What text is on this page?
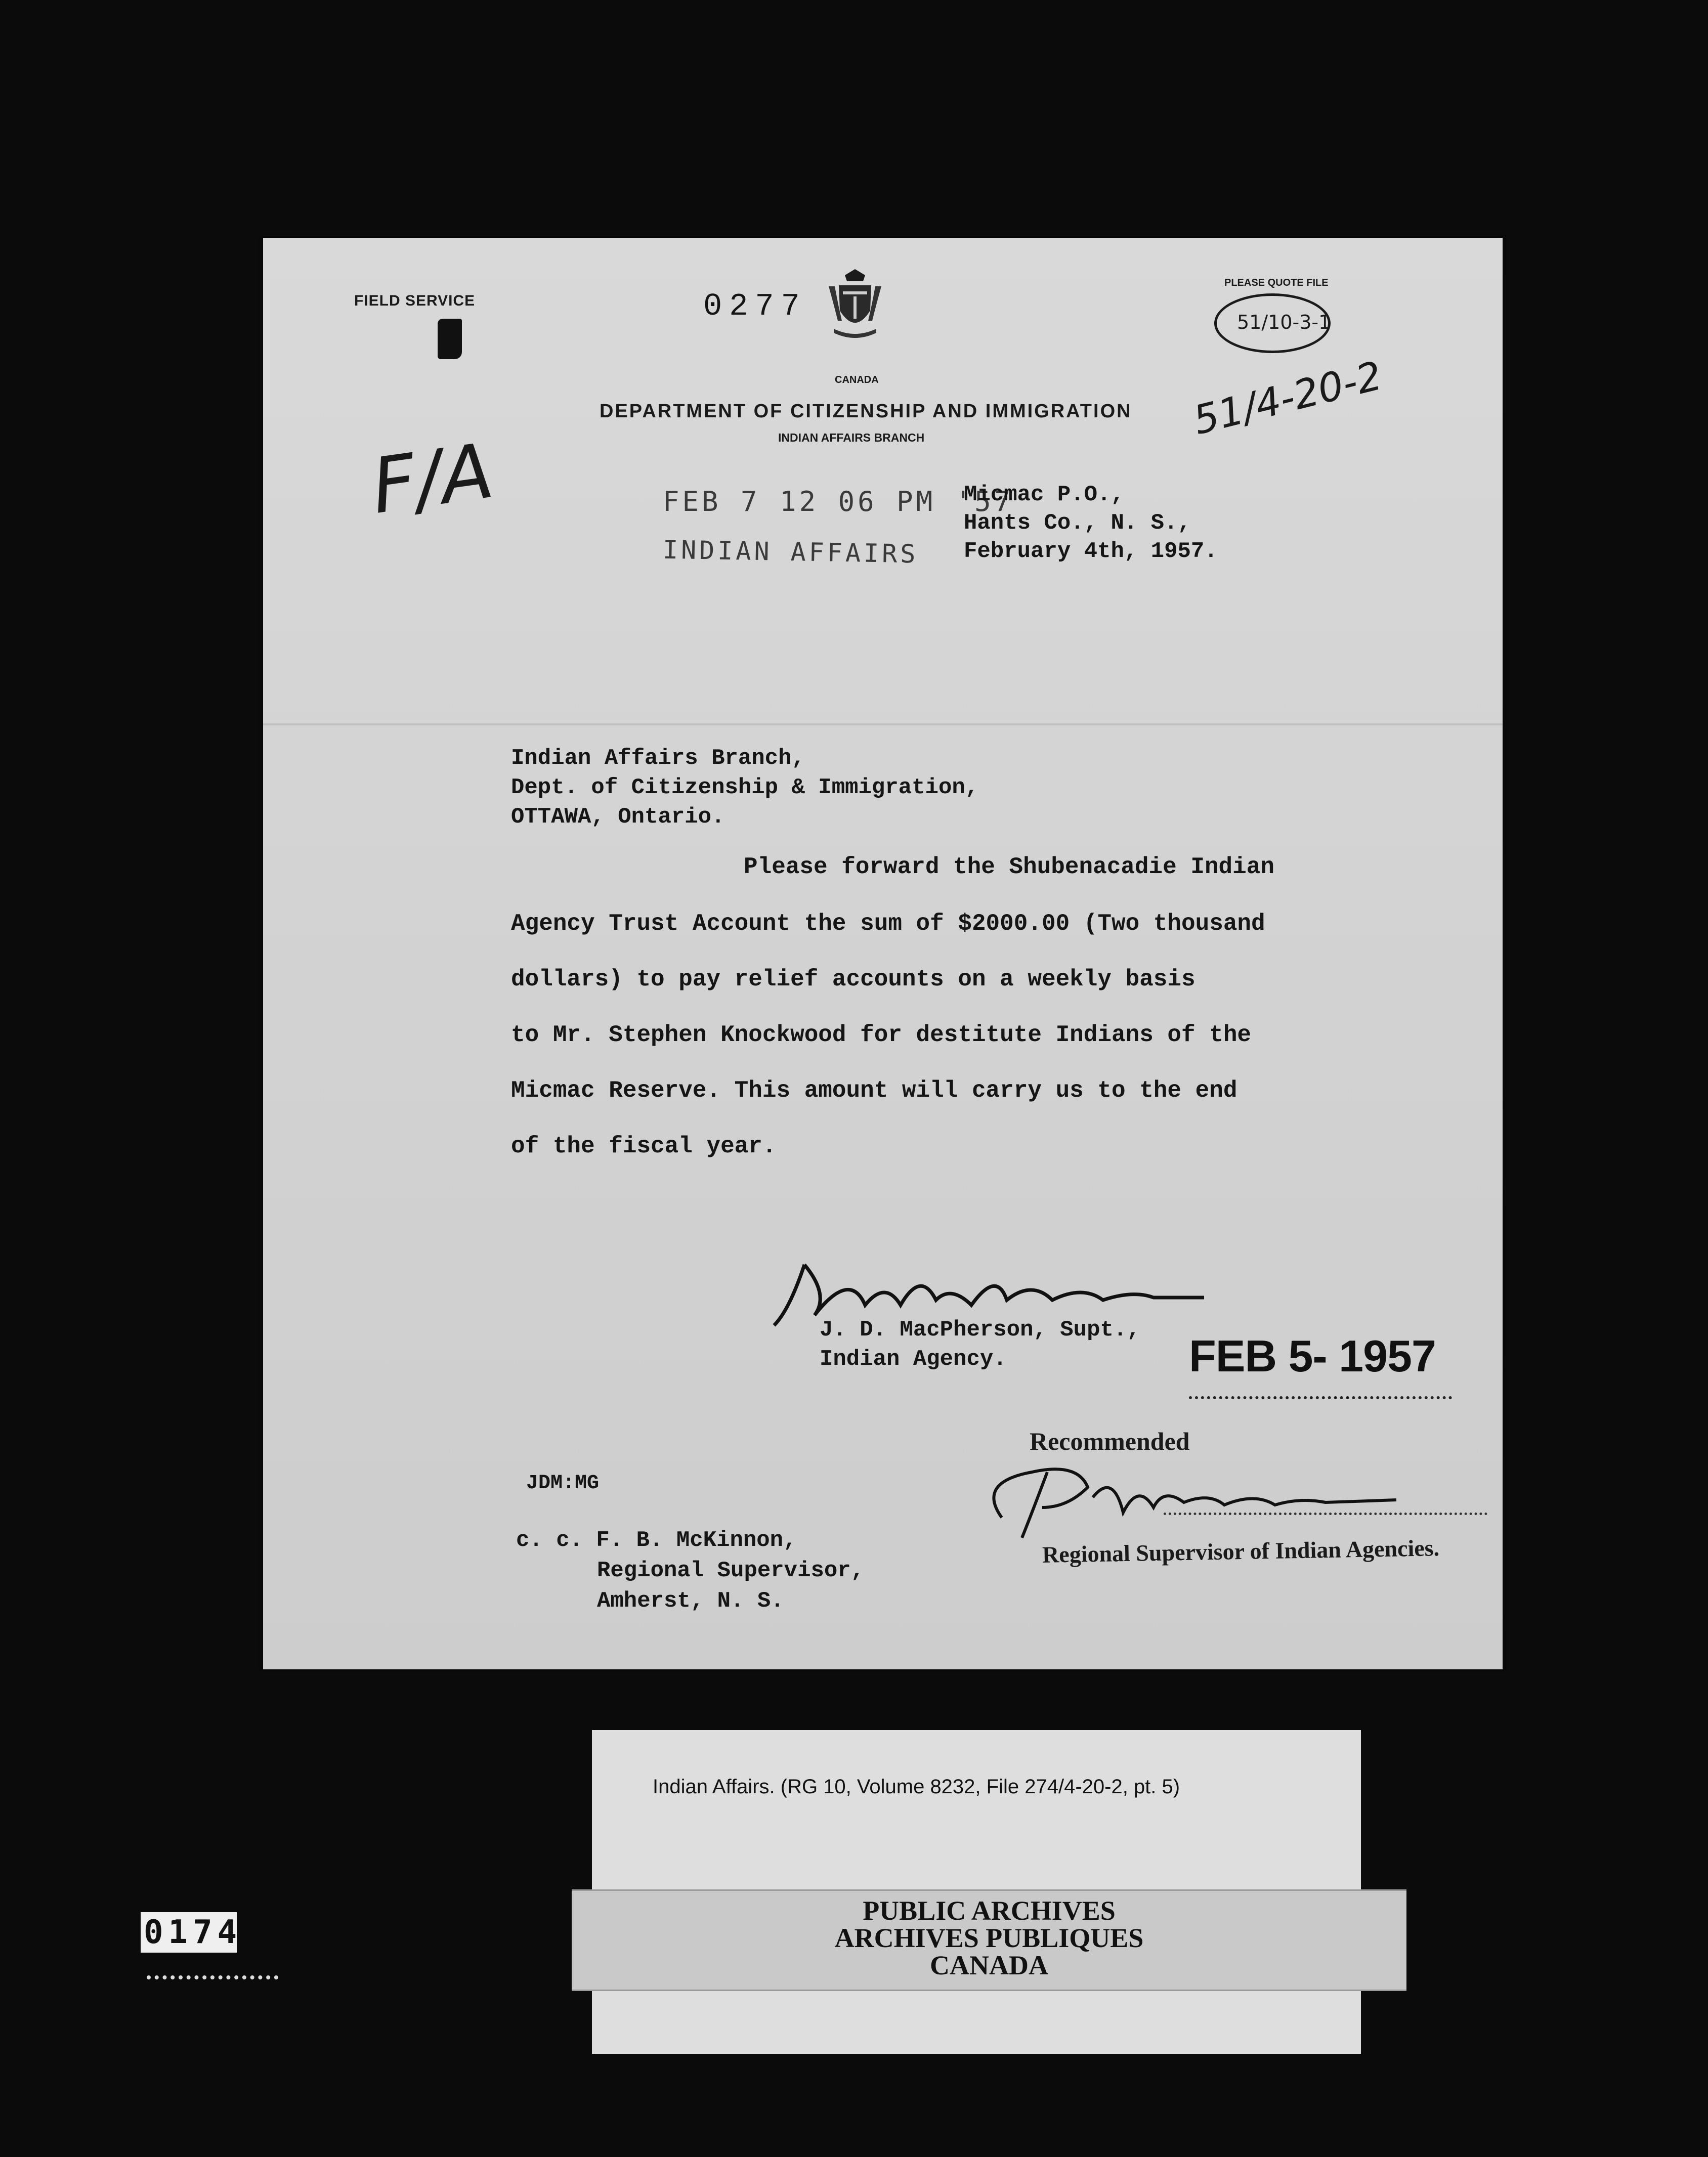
FIELD SERVICE	0277
CANADA
PLEASE QUOTE FILE
51/10-3-1
51/4-20-2
DEPARTMENT OF CITIZENSHIP AND IMMIGRATION
INDIAN AFFAIRS BRANCH
F/A	FEB 7 12 06 PM '57
INDIAN AFFAIRS
Micmac P.O.,
Hants Co., N. S.,
February 4th, 1957.
Indian Affairs Branch,
Dept. of Citizenship & Immigration,
OTTAWA, Ontario.
Please forward the Shubenacadie Indian
Agency Trust Account the sum of $2000.00 (Two thousand
dollars) to pay relief accounts on a weekly basis
to Mr. Stephen Knockwood for destitute Indians of the
Micmac Reserve. This amount will carry us to the end
of the fiscal year.
J. D. MacPherson, Supt.,
Indian Agency.	FEB 5- 1957
Recommended
Regional Supervisor of Indian Agencies.
JDM:MG
c. c. F. B. McKinnon,
Regional Supervisor,
Amherst, N. S.
Indian Affairs. (RG 10, Volume 8232, File 274/4-20-2, pt. 5)
PUBLIC ARCHIVES
ARCHIVES PUBLIQUES
CANADA
0174
